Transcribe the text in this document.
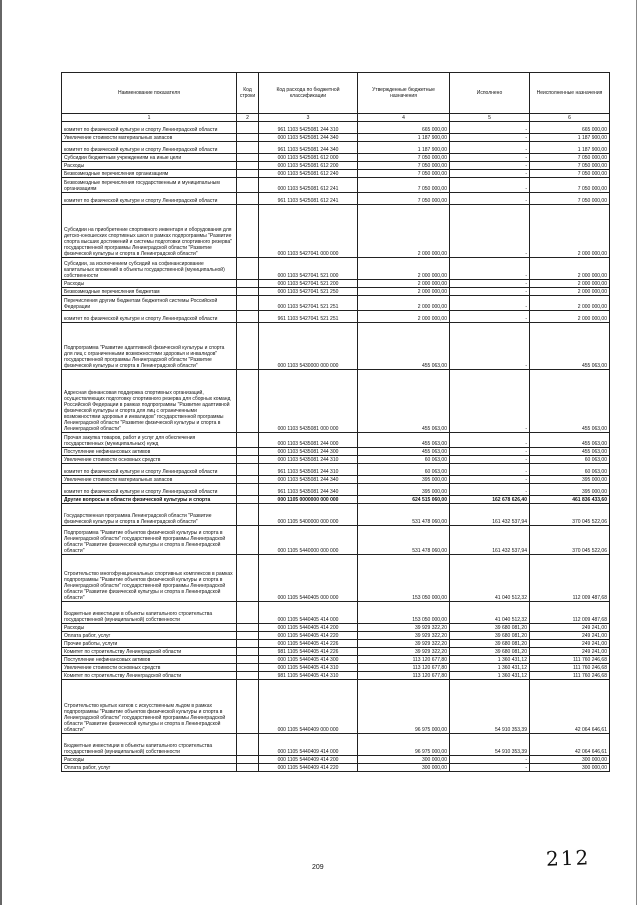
Наименование показателя	Код строки	Код расхода по бюджетной классификации	Утвержденные бюджетные назначения	Исполнено	Неисполненные назначения
1	2	3	4	5	6
комитет по физической культуре и спорту Ленинградской области		961 1103 5425081 244 310	665 000,00	-	665 000,00
Увеличение стоимости материальных запасов		000 1103 5425081 244 340	1 187 900,00	-	1 187 900,00
комитет по физической культуре и спорту Ленинградской области		961 1103 5425081 244 340	1 187 900,00	-	1 187 900,00
Субсидии бюджетным учреждениям на иные цели		000 1103 5425081 612 000	7 050 000,00	-	7 050 000,00
Расходы		000 1103 5425081 612 200	7 050 000,00	-	7 050 000,00
Безвозмездные перечисления организациям		000 1103 5425081 612 240	7 050 000,00	-	7 050 000,00
Безвозмездные перечисления государственным и муниципальным организациям		000 1103 5425081 612 241	7 050 000,00	-	7 050 000,00
комитет по физической культуре и спорту Ленинградской области		961 1103 5425081 612 241	7 050 000,00	-	7 050 000,00
Субсидии на приобретение спортивного инвентаря и оборудования для детско-юношеских спортивных школ в рамках подпрограммы "Развитие спорта высших достижений и системы подготовки спортивного резерва" государственной программы Ленинградской области "Развитие физической культуры и спорта в Ленинградской области"		000 1103 5427041 000 000	2 000 000,00	-	2 000 000,00
Субсидии, за исключением субсидий на софинансирование капитальных вложений в объекты государственной (муниципальной) собственности		000 1103 5427041 521 000	2 000 000,00	-	2 000 000,00
Расходы		000 1103 5427041 521 200	2 000 000,00	-	2 000 000,00
Безвозмездные перечисления бюджетам		000 1103 5427041 521 250	2 000 000,00	-	2 000 000,00
Перечисления другим бюджетам бюджетной системы Российской Федерации		000 1103 5427041 521 251	2 000 000,00	-	2 000 000,00
комитет по физической культуре и спорту Ленинградской области		961 1103 5427041 521 251	2 000 000,00	-	2 000 000,00
Подпрограмма "Развитие адаптивной физической культуры и спорта для лиц с ограниченными возможностями здоровья и инвалидов" государственной программы Ленинградской области "Развитие физической культуры и спорта в Ленинградской области"		000 1103 5430000 000 000	455 063,00	-	455 063,00
Адресная финансовая поддержка спортивных организаций, осуществляющих подготовку спортивного резерва для сборных команд Российской Федерации в рамках подпрограммы "Развитие адаптивной физической культуры и спорта для лиц с ограниченными возможностями здоровья и инвалидов" государственной программы Ленинградской области "Развитие физической культуры и спорта в Ленинградской области"		000 1103 5435081 000 000	455 063,00	-	455 063,00
Прочая закупка товаров, работ и услуг для обеспечения государственных (муниципальных) нужд		000 1103 5435081 244 000	455 063,00	-	455 063,00
Поступление нефинансовых активов		000 1103 5435081 244 300	455 063,00	-	455 063,00
Увеличение стоимости основных средств		000 1103 5435081 244 310	60 063,00	-	60 063,00
комитет по физической культуре и спорту Ленинградской области		961 1103 5435081 244 310	60 063,00	-	60 063,00
Увеличение стоимости материальных запасов		000 1103 5435081 244 340	395 000,00	-	395 000,00
комитет по физической культуре и спорту Ленинградской области		961 1103 5435081 244 340	395 000,00	-	395 000,00
Другие вопросы в области физической культуры и спорта		000 1105 0000000 000 000	624 515 060,00	162 678 626,40	461 836 433,60
Государственная программа Ленинградской области "Развитие физической культуры и спорта в Ленинградской области"		000 1105 5400000 000 000	531 478 060,00	161 432 537,94	370 045 522,06
Подпрограмма "Развитие объектов физической культуры и спорта в Ленинградской области" государственной программы Ленинградской области "Развитие физической культуры и спорта в Ленинградской области"		000 1105 5440000 000 000	531 478 060,00	161 432 537,94	370 045 522,06
Строительство многофункциональных спортивных комплексов в рамках подпрограммы "Развитие объектов физической культуры и спорта в Ленинградской области" государственной программы Ленинградской области "Развитие физической культуры и спорта в Ленинградской области"		000 1105 5440405 000 000	153 050 000,00	41 040 512,32	112 009 487,68
Бюджетные инвестиции в объекты капитального строительства государственной (муниципальной) собственности		000 1105 5440405 414 000	153 050 000,00	41 040 512,32	112 009 487,68
Расходы		000 1105 5440405 414 200	39 929 322,20	39 680 081,20	249 241,00
Оплата работ, услуг		000 1105 5440405 414 220	39 929 322,20	39 680 081,20	249 241,00
Прочие работы, услуги		000 1105 5440405 414 226	39 929 322,20	39 680 081,20	249 241,00
Комитет по строительству Ленинградской области		981 1105 5440405 414 226	39 929 322,20	39 680 081,20	249 241,00
Поступление нефинансовых активов		000 1105 5440405 414 300	113 120 677,80	1 360 431,12	111 760 246,68
Увеличение стоимости основных средств		000 1105 5440405 414 310	113 120 677,80	1 360 431,12	111 760 246,68
Комитет по строительству Ленинградской области		981 1105 5440405 414 310	113 120 677,80	1 360 431,12	111 760 246,68
Строительство крытых катков с искусственным льдом в рамках подпрограммы "Развитие объектов физической культуры и спорта в Ленинградской области" государственной программы Ленинградской области "Развитие физической культуры и спорта в Ленинградской области"		000 1105 5440409 000 000	96 975 000,00	54 910 353,39	42 064 646,61
Бюджетные инвестиции в объекты капитального строительства государственной (муниципальной) собственности		000 1105 5440409 414 000	96 975 000,00	54 910 353,39	42 064 646,61
Расходы		000 1105 5440409 414 200	300 000,00	-	300 000,00
Оплата работ, услуг		000 1105 5440409 414 220	300 000,00	-	300 000,00
209	212
